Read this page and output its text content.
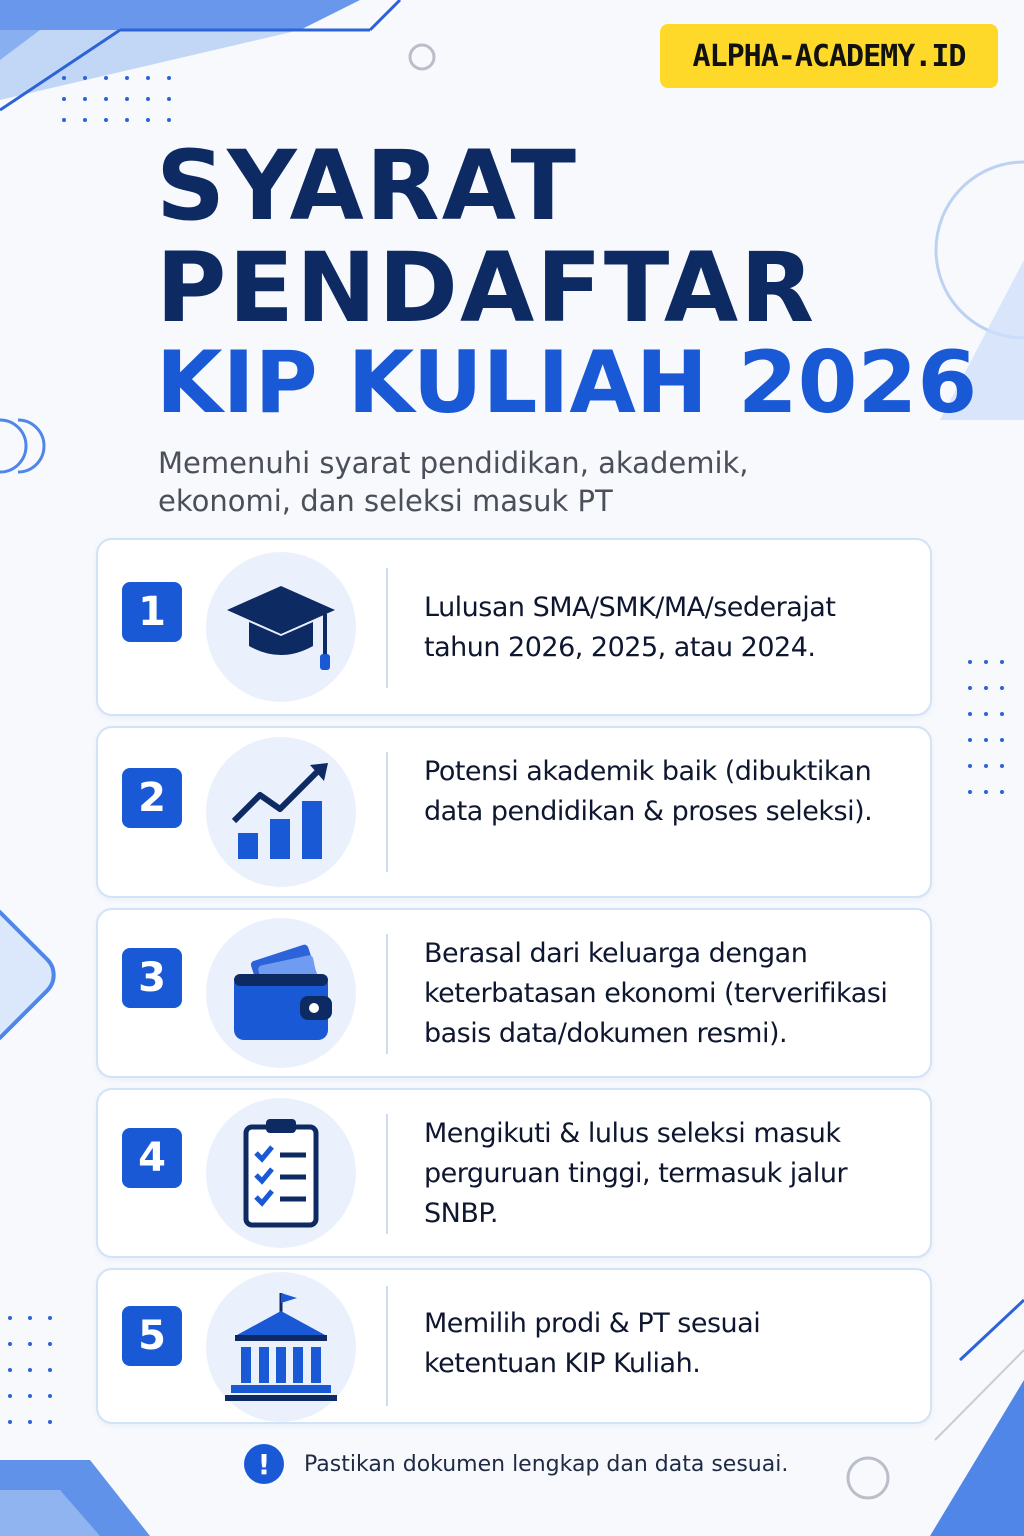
ALPHA-ACADEMY.ID
SYARAT
PENDAFTAR
KIP KULIAH 2026

Memenuhi syarat pendidikan, akademik, ekonomi, dan seleksi masuk PT

1	Lulusan SMA/SMK/MA/sederajat tahun 2026, 2025, atau 2024.

2

Potensi akademik baik (dibuktikan data pendidikan & proses seleksi).

3

Berasal dari keluarga dengan keterbatasan ekonomi (terverifikasi basis data/dokumen resmi).

4

Mengikuti & lulus seleksi masuk perguruan tinggi, termasuk jalur SNBP.

5	Memilih prodi & PT sesuai ketentuan KIP Kuliah.

!	Pastikan dokumen lengkap dan data sesuai.
